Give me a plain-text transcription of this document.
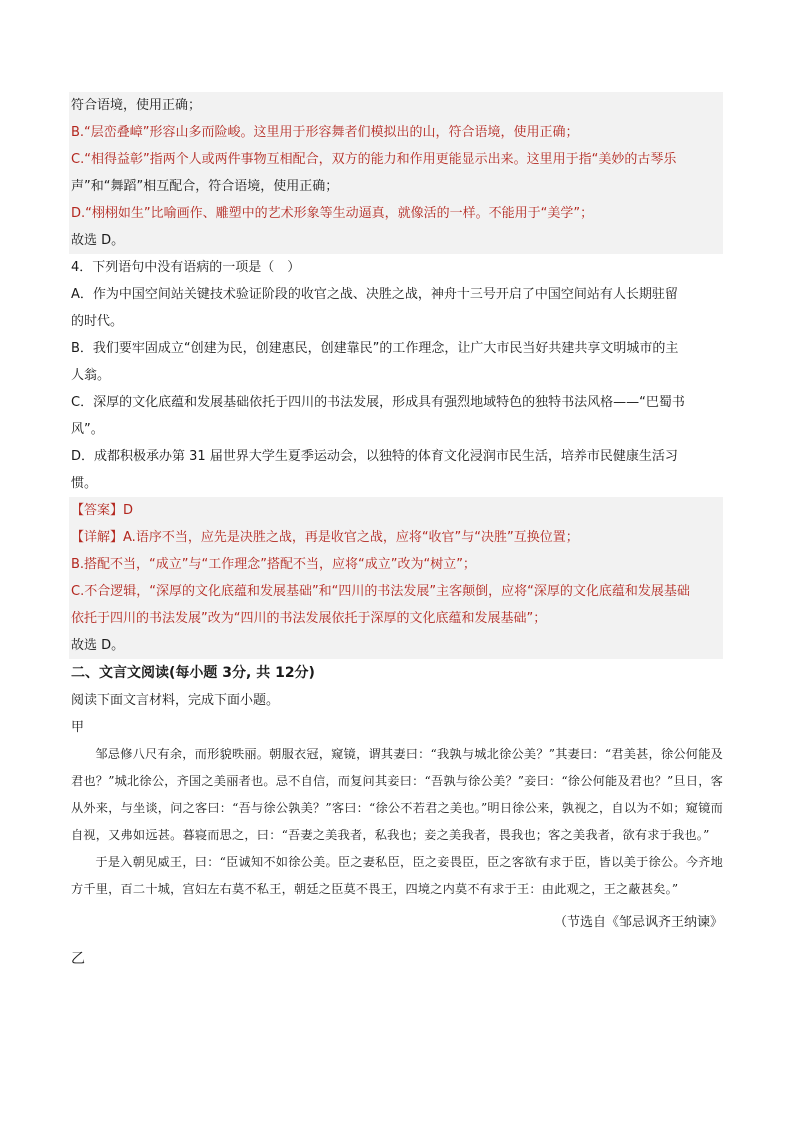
符合语境，使用正确；
B.“层峦叠嶂”形容山多而险峻。这里用于形容舞者们模拟出的山，符合语境，使用正确；
C.“相得益彰”指两个人或两件事物互相配合，双方的能力和作用更能显示出来。这里用于指“美妙的古琴乐
声”和“舞蹈”相互配合，符合语境，使用正确；
D.“栩栩如生”比喻画作、雕塑中的艺术形象等生动逼真，就像活的一样。不能用于“美学”；
故选 D。
4．下列语句中没有语病的一项是（　）
A．作为中国空间站关键技术验证阶段的收官之战、决胜之战，神舟十三号开启了中国空间站有人长期驻留
的时代。
B．我们要牢固成立“创建为民，创建惠民，创建靠民”的工作理念，让广大市民当好共建共享文明城市的主
人翁。
C．深厚的文化底蕴和发展基础依托于四川的书法发展，形成具有强烈地域特色的独特书法风格——“巴蜀书
风”。
D．成都积极承办第 31 届世界大学生夏季运动会，以独特的体育文化浸润市民生活，培养市民健康生活习
惯。
【答案】D
【详解】A.语序不当，应先是决胜之战，再是收官之战，应将“收官”与“决胜”互换位置；
B.搭配不当，“成立”与“工作理念”搭配不当，应将“成立”改为“树立”；
C.不合逻辑，“深厚的文化底蕴和发展基础”和“四川的书法发展”主客颠倒，应将“深厚的文化底蕴和发展基础
依托于四川的书法发展”改为“四川的书法发展依托于深厚的文化底蕴和发展基础”；
故选 D。
二、文言文阅读(每小题 3分, 共 12分)
阅读下面文言材料，完成下面小题。
甲

邹忌修八尺有余，而形貌昳丽。朝服衣冠，窥镜，谓其妻曰：“我孰与城北徐公美？”其妻曰：“君美甚，徐公何能及君也？”城北徐公，齐国之美丽者也。忌不自信，而复问其妾曰：“吾孰与徐公美？”妾曰：“徐公何能及君也？”旦日，客从外来，与坐谈，问之客曰：“吾与徐公孰美？”客曰：“徐公不若君之美也。”明日徐公来，孰视之，自以为不如；窥镜而自视，又弗如远甚。暮寝而思之，曰：“吾妻之美我者，私我也；妾之美我者，畏我也；客之美我者，欲有求于我也。”

于是入朝见威王，曰：“臣诚知不如徐公美。臣之妻私臣，臣之妾畏臣，臣之客欲有求于臣，皆以美于徐公。今齐地方千里，百二十城，宫妇左右莫不私王，朝廷之臣莫不畏王，四境之内莫不有求于王：由此观之，王之蔽甚矣。”

（节选自《邹忌讽齐王纳谏》
乙
